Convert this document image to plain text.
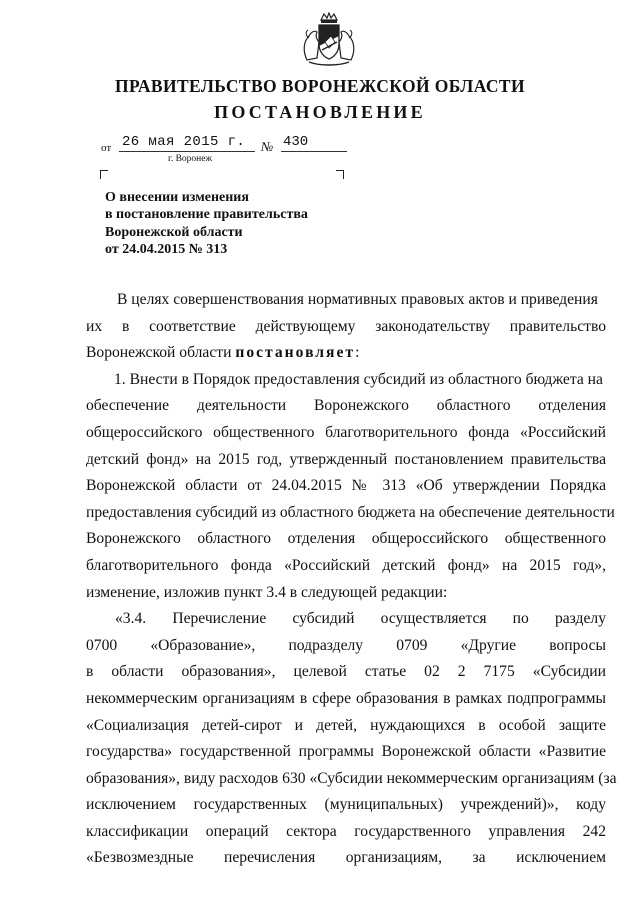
ПРАВИТЕЛЬСТВО ВОРОНЕЖСКОЙ ОБЛАСТИ
ПОСТАНОВЛЕНИЕ
от 26 мая 2015 г. № 430
г. Воронеж
О внесении изменения
в постановление правительства
Воронежской области
от 24.04.2015 № 313
В целях совершенствования нормативных правовых актов и приведения
их в соответствие действующему законодательству правительство
Воронежской области постановляет:
1. Внести в Порядок предоставления субсидий из областного бюджета на
обеспечение деятельности Воронежского областного отделения
общероссийского общественного благотворительного фонда «Российский
детский фонд» на 2015 год, утвержденный постановлением правительства
Воронежской области от 24.04.2015 № 313 «Об утверждении Порядка
предоставления субсидий из областного бюджета на обеспечение деятельности
Воронежского областного отделения общероссийского общественного
благотворительного фонда «Российский детский фонд» на 2015 год»,
изменение, изложив пункт 3.4 в следующей редакции:
«3.4. Перечисление субсидий осуществляется по разделу
0700 «Образование», подразделу 0709 «Другие вопросы
в области образования», целевой статье 02 2 7175 «Субсидии
некоммерческим организациям в сфере образования в рамках подпрограммы
«Социализация детей-сирот и детей, нуждающихся в особой защите
государства» государственной программы Воронежской области «Развитие
образования», виду расходов 630 «Субсидии некоммерческим организациям (за
исключением государственных (муниципальных) учреждений)», коду
классификации операций сектора государственного управления 242
«Безвозмездные перечисления организациям, за исключением
